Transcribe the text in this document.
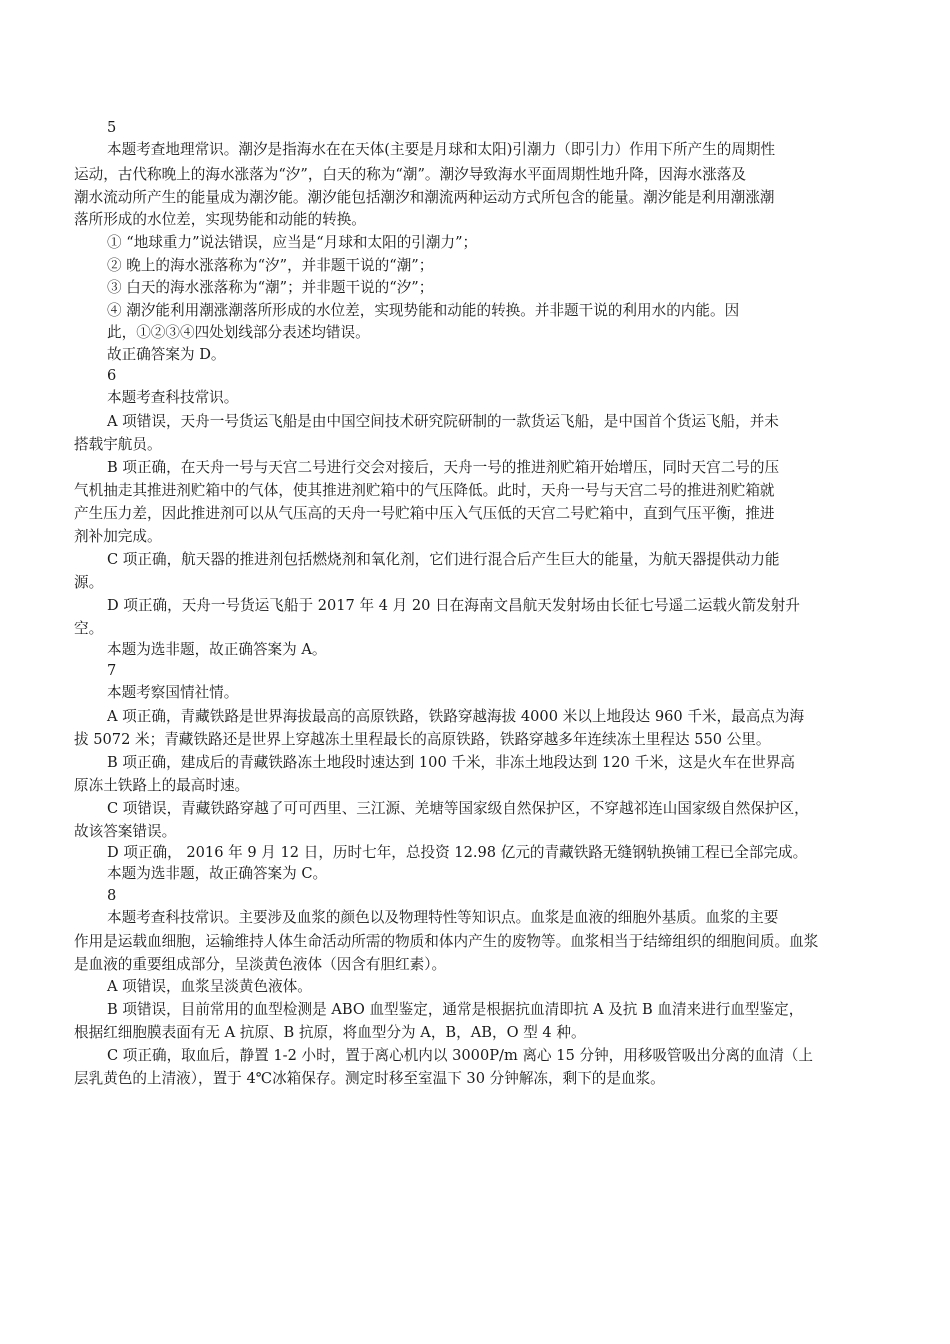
5
本题考查地理常识。潮汐是指海水在在天体(主要是月球和太阳)引潮力（即引力）作用下所产生的周期性
运动，古代称晚上的海水涨落为“汐”，白天的称为“潮”。潮汐导致海水平面周期性地升降，因海水涨落及
潮水流动所产生的能量成为潮汐能。潮汐能包括潮汐和潮流两种运动方式所包含的能量。潮汐能是利用潮涨潮
落所形成的水位差，实现势能和动能的转换。
① “地球重力”说法错误，应当是“月球和太阳的引潮力”；
② 晚上的海水涨落称为“汐”，并非题干说的“潮”；
③ 白天的海水涨落称为“潮”；并非题干说的“汐”；
④ 潮汐能利用潮涨潮落所形成的水位差，实现势能和动能的转换。并非题干说的利用水的内能。因
此，①②③④四处划线部分表述均错误。
故正确答案为 D。
6
本题考查科技常识。
A 项错误，天舟一号货运飞船是由中国空间技术研究院研制的一款货运飞船，是中国首个货运飞船，并未
搭载宇航员。
B 项正确，在天舟一号与天宫二号进行交会对接后，天舟一号的推进剂贮箱开始增压，同时天宫二号的压
气机抽走其推进剂贮箱中的气体，使其推进剂贮箱中的气压降低。此时，天舟一号与天宫二号的推进剂贮箱就
产生压力差，因此推进剂可以从气压高的天舟一号贮箱中压入气压低的天宫二号贮箱中，直到气压平衡，推进
剂补加完成。
C 项正确，航天器的推进剂包括燃烧剂和氧化剂，它们进行混合后产生巨大的能量，为航天器提供动力能
源。
D 项正确，天舟一号货运飞船于 2017 年 4 月 20 日在海南文昌航天发射场由长征七号遥二运载火箭发射升
空。
本题为选非题，故正确答案为 A。
7
本题考察国情社情。
A 项正确，青藏铁路是世界海拔最高的高原铁路，铁路穿越海拔 4000 米以上地段达 960 千米，最高点为海
拔 5072 米；青藏铁路还是世界上穿越冻土里程最长的高原铁路，铁路穿越多年连续冻土里程达 550 公里。
B 项正确，建成后的青藏铁路冻土地段时速达到 100 千米，非冻土地段达到 120 千米，这是火车在世界高
原冻土铁路上的最高时速。
C 项错误，青藏铁路穿越了可可西里、三江源、羌塘等国家级自然保护区，不穿越祁连山国家级自然保护区，
故该答案错误。
D 项正确， 2016 年 9 月 12 日，历时七年，总投资 12.98 亿元的青藏铁路无缝钢轨换铺工程已全部完成。
本题为选非题，故正确答案为 C。
8
本题考查科技常识。主要涉及血浆的颜色以及物理特性等知识点。血浆是血液的细胞外基质。血浆的主要
作用是运载血细胞，运输维持人体生命活动所需的物质和体内产生的废物等。血浆相当于结缔组织的细胞间质。血浆
是血液的重要组成部分，呈淡黄色液体（因含有胆红素）。
A 项错误，血浆呈淡黄色液体。
B 项错误，目前常用的血型检测是 ABO 血型鉴定，通常是根据抗血清即抗 A 及抗 B 血清来进行血型鉴定，
根据红细胞膜表面有无 A 抗原、B 抗原，将血型分为 A，B，AB，O 型 4 种。
C 项正确，取血后，静置 1-2 小时，置于离心机内以 3000P/m 离心 15 分钟，用移吸管吸出分离的血清（上
层乳黄色的上清液），置于 4℃冰箱保存。测定时移至室温下 30 分钟解冻，剩下的是血浆。
